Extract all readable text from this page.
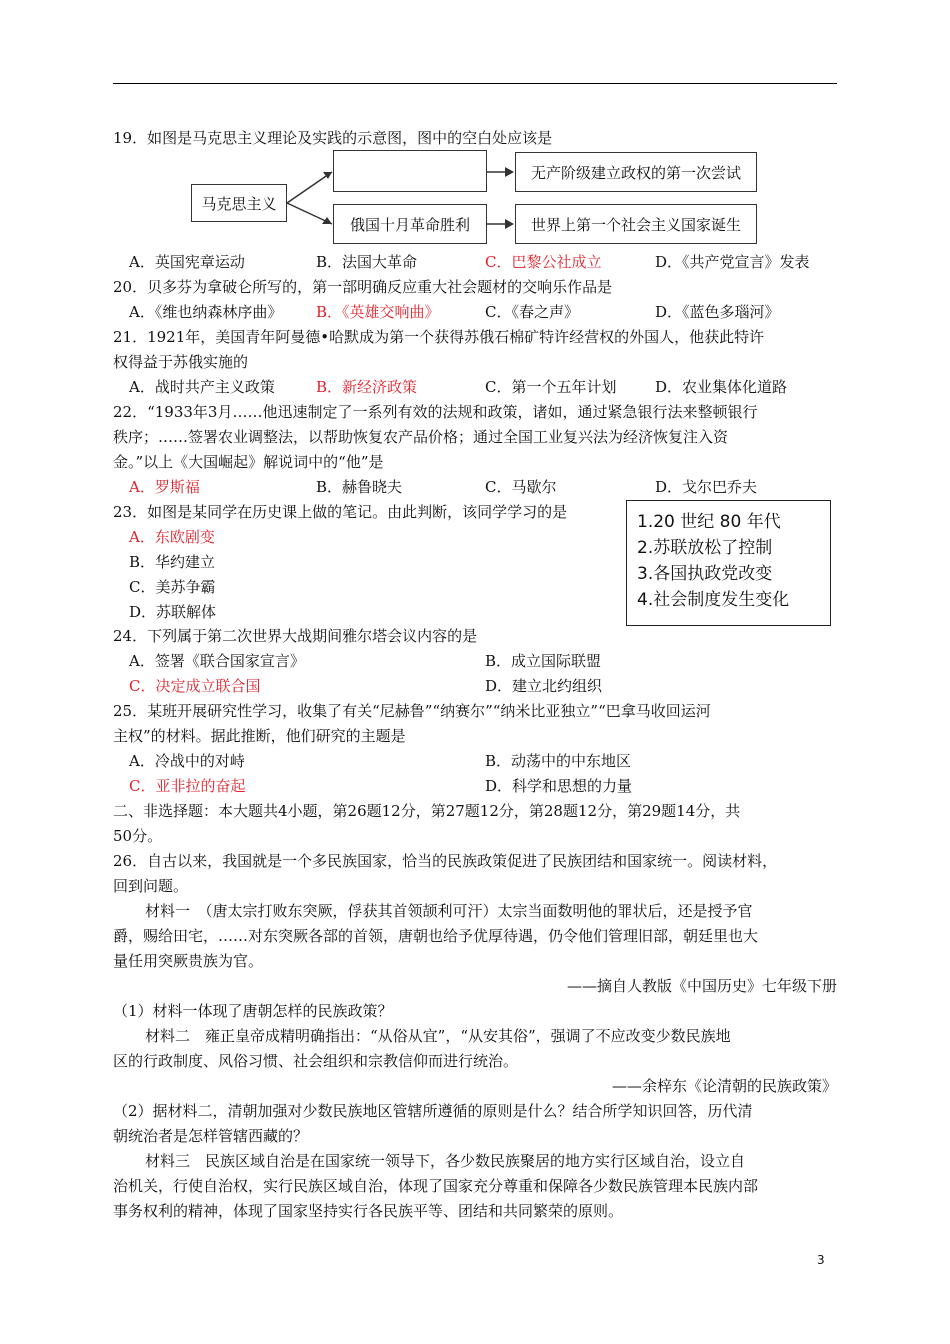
19．如图是马克思主义理论及实践的示意图，图中的空白处应该是
马克思主义
俄国十月革命胜利
无产阶级建立政权的第一次尝试
世界上第一个社会主义国家诞生
A．英国宪章运动	B．法国大革命	C．巴黎公社成立	D．《共产党宣言》发表
20．贝多芬为拿破仑所写的，第一部明确反应重大社会题材的交响乐作品是
A．《维也纳森林序曲》 B．《英雄交响曲》	C．《春之声》	D．《蓝色多瑙河》
21．1921年，美国青年阿曼德•哈默成为第一个获得苏俄石棉矿特许经营权的外国人，他获此特许
权得益于苏俄实施的
A．战时共产主义政策	B．新经济政策	C．第一个五年计划	D．农业集体化道路
22．“1933年3月……他迅速制定了一系列有效的法规和政策，诸如，通过紧急银行法来整顿银行
秩序；……签署农业调整法，以帮助恢复农产品价格；通过全国工业复兴法为经济恢复注入资
金。”以上《大国崛起》解说词中的“他”是
A．罗斯福	B．赫鲁晓夫	C．马歇尔	D．戈尔巴乔夫
23．如图是某同学在历史课上做的笔记。由此判断，该同学学习的是
A．东欧剧变
B．华约建立
C．美苏争霸
D．苏联解体
1.20 世纪 80 年代
2.苏联放松了控制
3.各国执政党改变
4.社会制度发生变化
24．下列属于第二次世界大战期间雅尔塔会议内容的是
A．签署《联合国家宣言》	B．成立国际联盟
C．决定成立联合国	D．建立北约组织
25．某班开展研究性学习，收集了有关“尼赫鲁”“纳赛尔”“纳米比亚独立”“巴拿马收回运河
主权”的材料。据此推断，他们研究的主题是
A．冷战中的对峙	B．动荡中的中东地区
C．亚非拉的奋起	D．科学和思想的力量
二、非选择题：本大题共4小题，第26题12分，第27题12分，第28题12分，第29题14分，共
50分。
26．自古以来，我国就是一个多民族国家，恰当的民族政策促进了民族团结和国家统一。阅读材料，
回到问题。
材料一　（唐太宗打败东突厥，俘获其首领颉利可汗）太宗当面数明他的罪状后，还是授予官
爵，赐给田宅，……对东突厥各部的首领，唐朝也给予优厚待遇，仍令他们管理旧部，朝廷里也大
量任用突厥贵族为官。
——摘自人教版《中国历史》七年级下册
（1）材料一体现了唐朝怎样的民族政策？
材料二　雍正皇帝成精明确指出：“从俗从宜”，“从安其俗”，强调了不应改变少数民族地
区的行政制度、风俗习惯、社会组织和宗教信仰而进行统治。
——余梓东《论清朝的民族政策》
（2）据材料二，清朝加强对少数民族地区管辖所遵循的原则是什么？结合所学知识回答，历代清
朝统治者是怎样管辖西藏的？
材料三　民族区域自治是在国家统一领导下，各少数民族聚居的地方实行区域自治，设立自
治机关，行使自治权，实行民族区域自治，体现了国家充分尊重和保障各少数民族管理本民族内部
事务权利的精神，体现了国家坚持实行各民族平等、团结和共同繁荣的原则。
3
